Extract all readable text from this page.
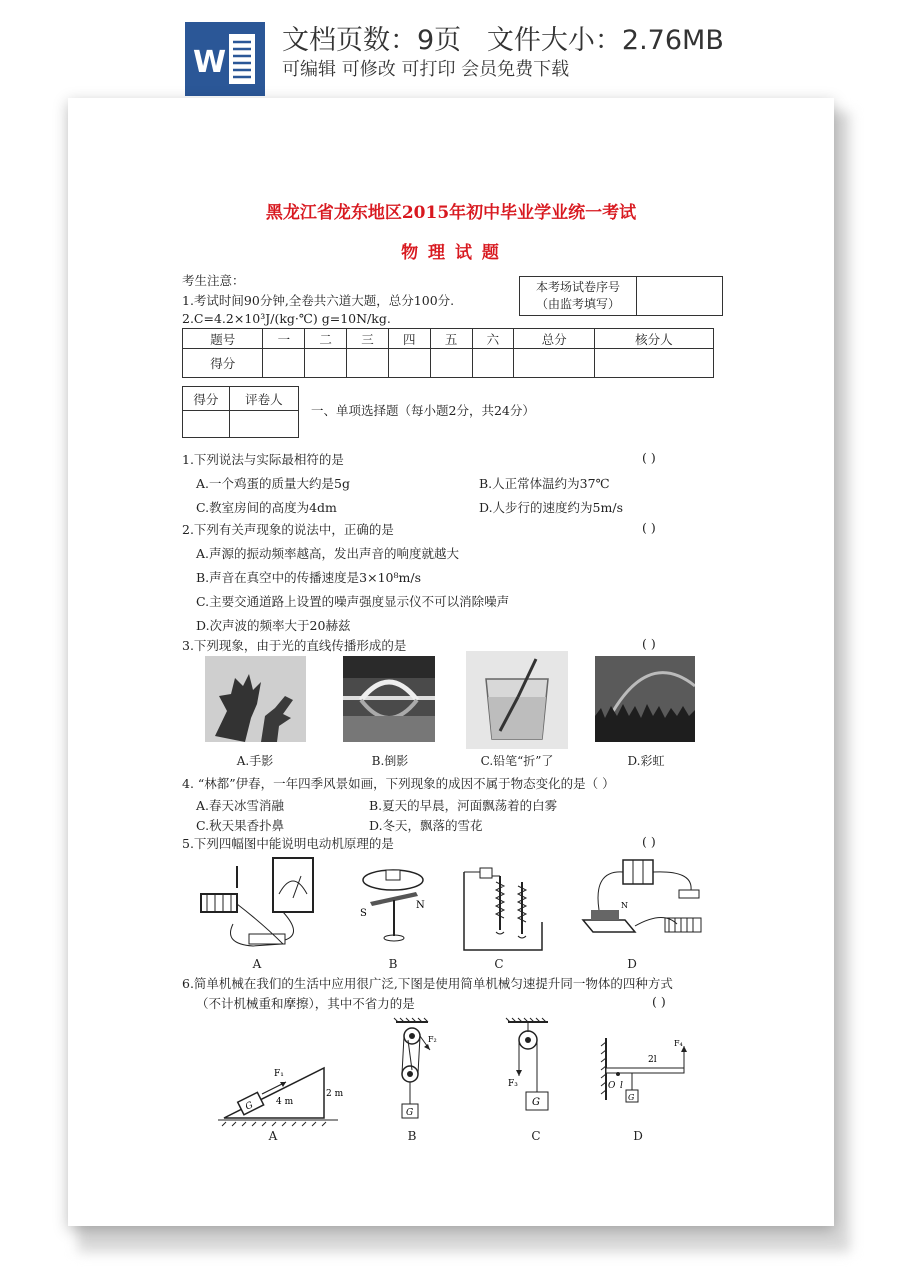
W
文档页数：9页   文件大小：2.76MB
可编辑 可修改 可打印 会员免费下载
黑龙江省龙东地区2015年初中毕业学业统一考试
物 理 试 题
考生注意：
1.考试时间90分钟,全卷共六道大题，总分100分.
2.C=4.2×10³J/(kg·℃) g=10N/kg.
本考场试卷序号
（由监考填写）

题号	一	二	三	四	五	六	总分	核分人
得分								
得分	评卷人

一、单项选择题（每小题2分，共24分）
1.下列说法与实际最相符的是	( )
A.一个鸡蛋的质量大约是5g	B.人正常体温约为37℃
C.教室房间的高度为4dm	D.人步行的速度约为5m/s
2.下列有关声现象的说法中，正确的是	( )
A.声源的振动频率越高，发出声音的响度就越大
B.声音在真空中的传播速度是3×10⁸m/s
C.主要交通道路上设置的噪声强度显示仪不可以消除噪声
D.次声波的频率大于20赫兹
3.下列现象，由于光的直线传播形成的是	( )
A.手影	B.倒影	C.铅笔“折”了	D.彩虹
4. “林都”伊春，一年四季风景如画，下列现象的成因不属于物态变化的是（ ）
A.春天冰雪消融	B.夏天的早晨，河面飘荡着的白雾
C.秋天果香扑鼻	D.冬天，飘落的雪花
5.下列四幅图中能说明电动机原理的是	( )
S
N	N
A	B	C	D
6.简单机械在我们的生活中应用很广泛,下图是使用简单机械匀速提升同一物体的四种方式
（不计机械重和摩擦），其中不省力的是	( )
G
F₁
4 m
2 m
F₂
G
F₃
G
F₄
2l
O l
G
A	B	C	D
